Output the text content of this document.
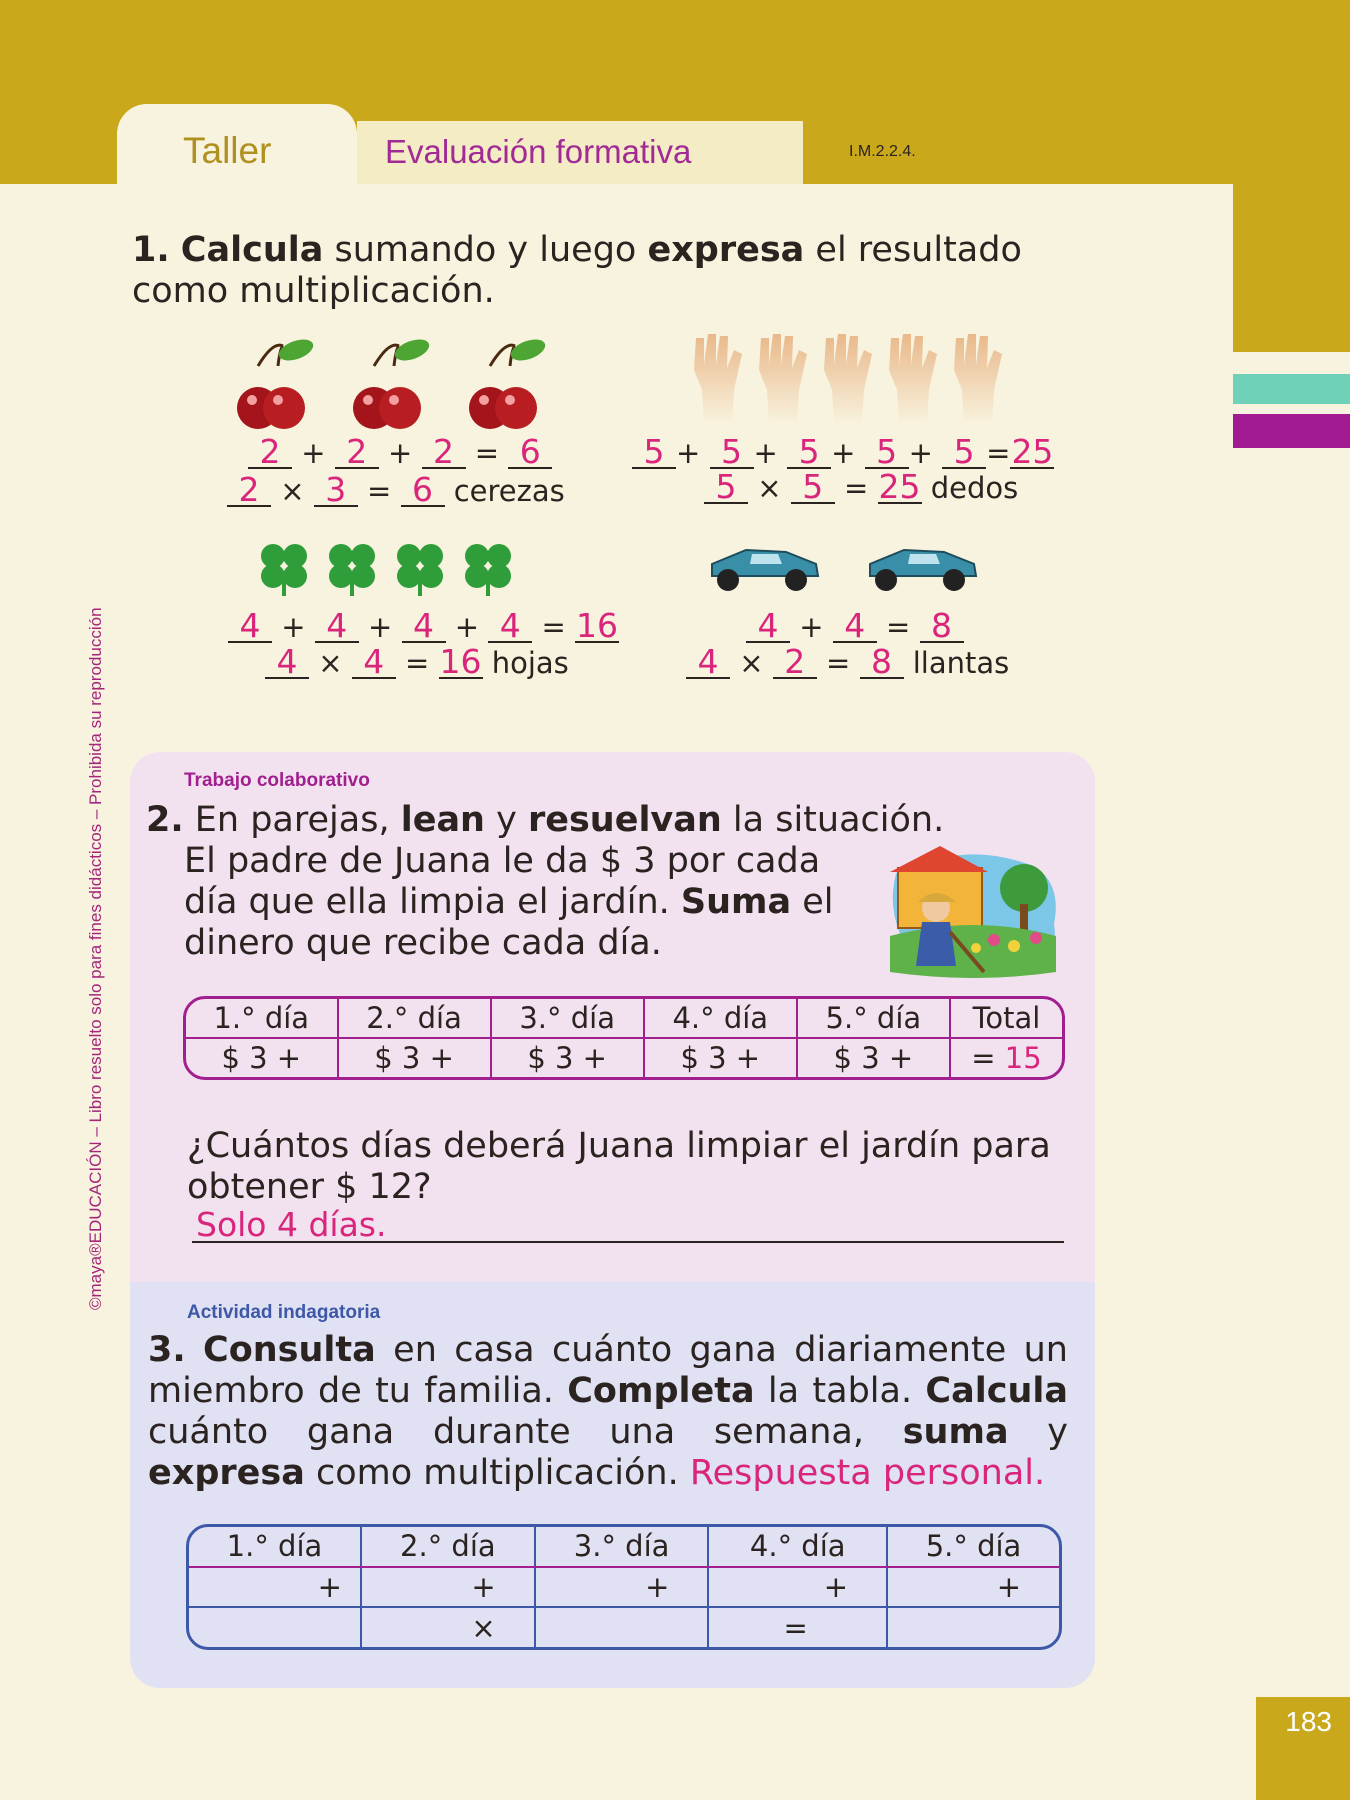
183
Taller	Evaluación formativa	I.M.2.2.4.
©maya®EDUCACIÓN – Libro resuelto solo para fines didácticos – Prohibida su reproducción
1. Calcula sumando y luego expresa el resultado como multiplicación.
2 + 2 + 2 = 6
2 × 3 = 6 cerezas
5 + 5 + 5 + 5 + 5 =25
5 × 5 = 25 dedos
4 + 4 + 4 + 4 = 16
4 × 4 = 16 hojas
4 + 4 = 8
4 × 2 = 8 llantas
Trabajo colaborativo
2. En parejas, lean y resuelvan la situación.
El padre de Juana le da $ 3 por cada
día que ella limpia el jardín. Suma el
dinero que recibe cada día.
1.° día	2.° día	3.° día	4.° día	5.° día	Total
$ 3 +	$ 3 +	$ 3 +	$ 3 +	$ 3 +	= 15
¿Cuántos días deberá Juana limpiar el jardín para obtener $ 12?
Solo 4 días.
Actividad indagatoria
3. Consulta en casa cuánto gana diariamente un miembro de tu familia. Completa la tabla. Calcula cuánto gana durante una semana, suma y expresa como multiplicación. Respuesta personal.
1.° día	2.° día	3.° día	4.° día	5.° día
+	+	+	+	+
	×		=	
